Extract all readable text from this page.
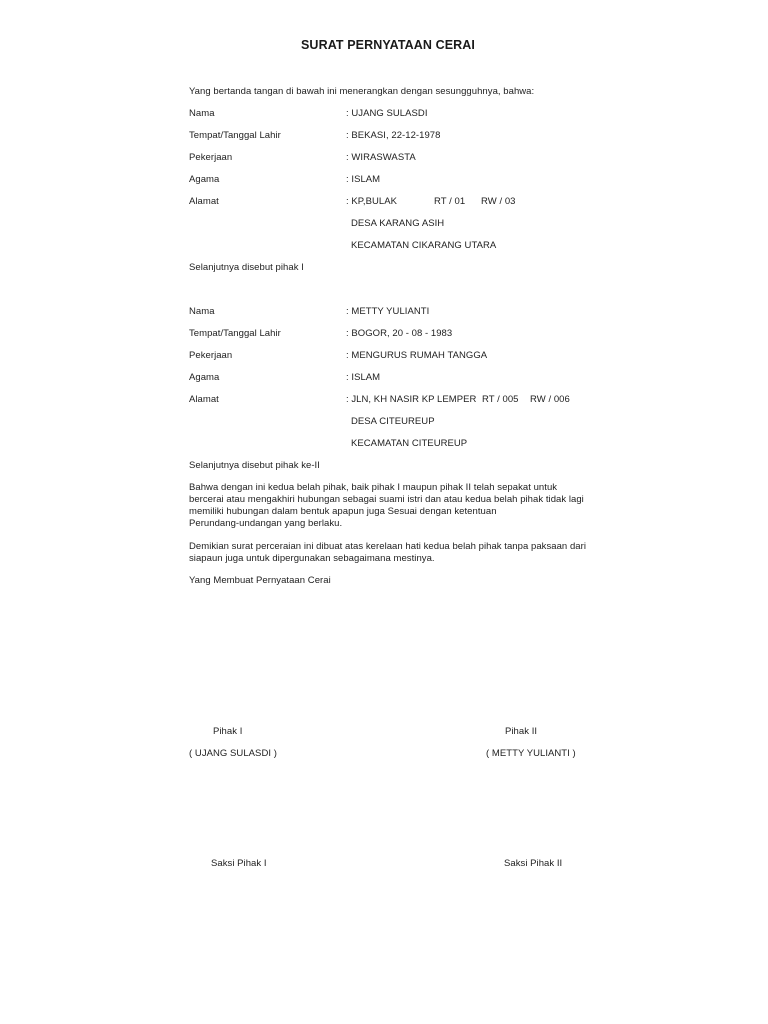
SURAT PERNYATAAN CERAI
Yang bertanda tangan di bawah ini menerangkan dengan sesungguhnya, bahwa:
Nama	: UJANG SULASDI
Tempat/Tanggal Lahir	: BEKASI, 22-12-1978
Pekerjaan	: WIRASWASTA
Agama	: ISLAM
Alamat	: KP,BULAK	RT / 01 RW / 03
DESA KARANG ASIH
KECAMATAN CIKARANG UTARA
Selanjutnya disebut pihak I
Nama	: METTY YULIANTI
Tempat/Tanggal Lahir	: BOGOR, 20 - 08 - 1983
Pekerjaan	: MENGURUS RUMAH TANGGA
Agama	: ISLAM
Alamat	: JLN, KH NASIR KP LEMPER RT / 005 RW / 006
DESA CITEUREUP
KECAMATAN CITEUREUP
Selanjutnya disebut pihak ke-II
Bahwa dengan ini kedua belah pihak, baik pihak I maupun pihak II telah sepakat untuk
bercerai atau mengakhiri hubungan sebagai suami istri dan atau kedua belah pihak tidak lagi
memiliki hubungan dalam bentuk apapun juga Sesuai dengan ketentuan
Perundang-undangan yang berlaku.
Demikian surat perceraian ini dibuat atas kerelaan hati kedua belah pihak tanpa paksaan dari
siapaun juga untuk dipergunakan sebagaimana mestinya.
Yang Membuat Pernyataan Cerai
Pihak I	Pihak II
( UJANG SULASDI )	( METTY YULIANTI )
Saksi Pihak I	Saksi Pihak II
